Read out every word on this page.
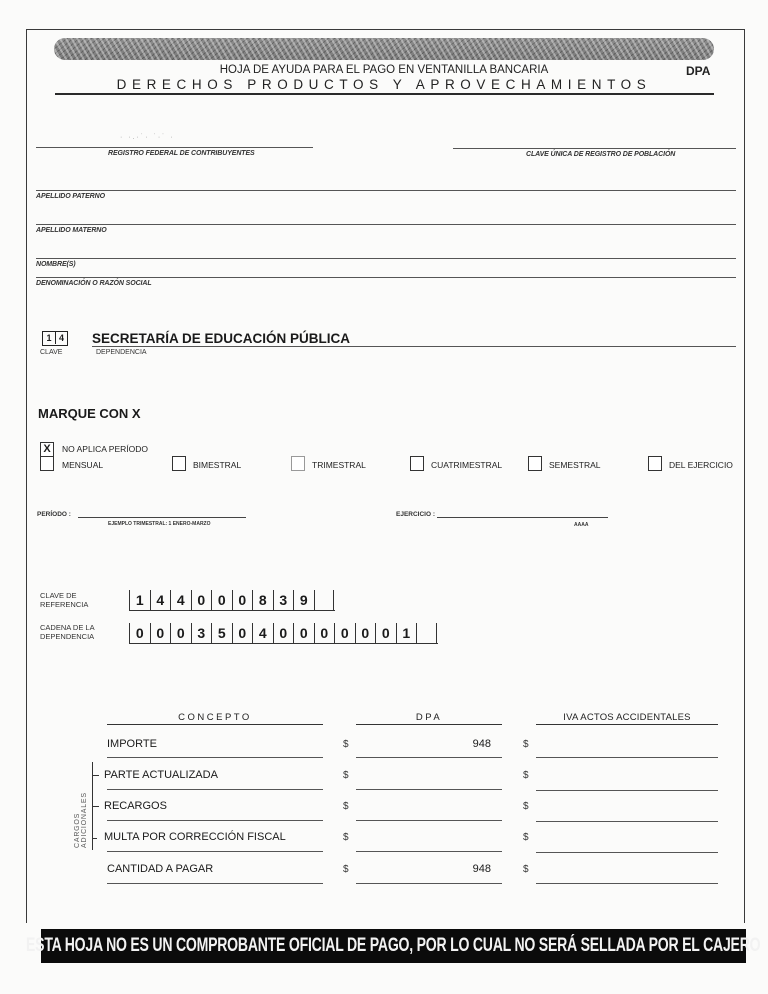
HOJA DE AYUDA PARA EL PAGO EN VENTANILLA BANCARIA	DPA
DERECHOS PRODUCTOS Y APROVECHAMIENTOS
· ·.·˙· ˙·˙ ·
REGISTRO FEDERAL DE CONTRIBUYENTES	CLAVE ÚNICA DE REGISTRO DE POBLACIÓN
APELLIDO PATERNO
APELLIDO MATERNO
NOMBRE(S)
DENOMINACIÓN O RAZÓN SOCIAL
1 4
CLAVE
SECRETARÍA DE EDUCACIÓN PÚBLICA
DEPENDENCIA
MARQUE CON X
X	NO APLICA PERÍODO
MENSUAL	BIMESTRAL	TRIMESTRAL	CUATRIMESTRAL	SEMESTRAL	DEL EJERCICIO
PERÍODO :
EJEMPLO TRIMESTRAL: 1 ENERO-MARZO
EJERCICIO :
AAAA
CLAVE DE
REFERENCIA	1 4 4 0 0 0 8 3 9
CADENA DE LA
DEPENDENCIA	0 0 0 3 5 0 4 0 0 0 0 0 0 1
CONCEPTO	DPA	IVA ACTOS ACCIDENTALES
CARGOS ADICIONALES
IMPORTE	$	948	$
PARTE ACTUALIZADA	$	$
RECARGOS	$	$
MULTA POR CORRECCIÓN FISCAL	$	$
CANTIDAD A PAGAR	$	948	$
ESTA HOJA NO ES UN COMPROBANTE OFICIAL DE PAGO, POR LO CUAL NO SERÁ SELLADA POR EL CAJERO
